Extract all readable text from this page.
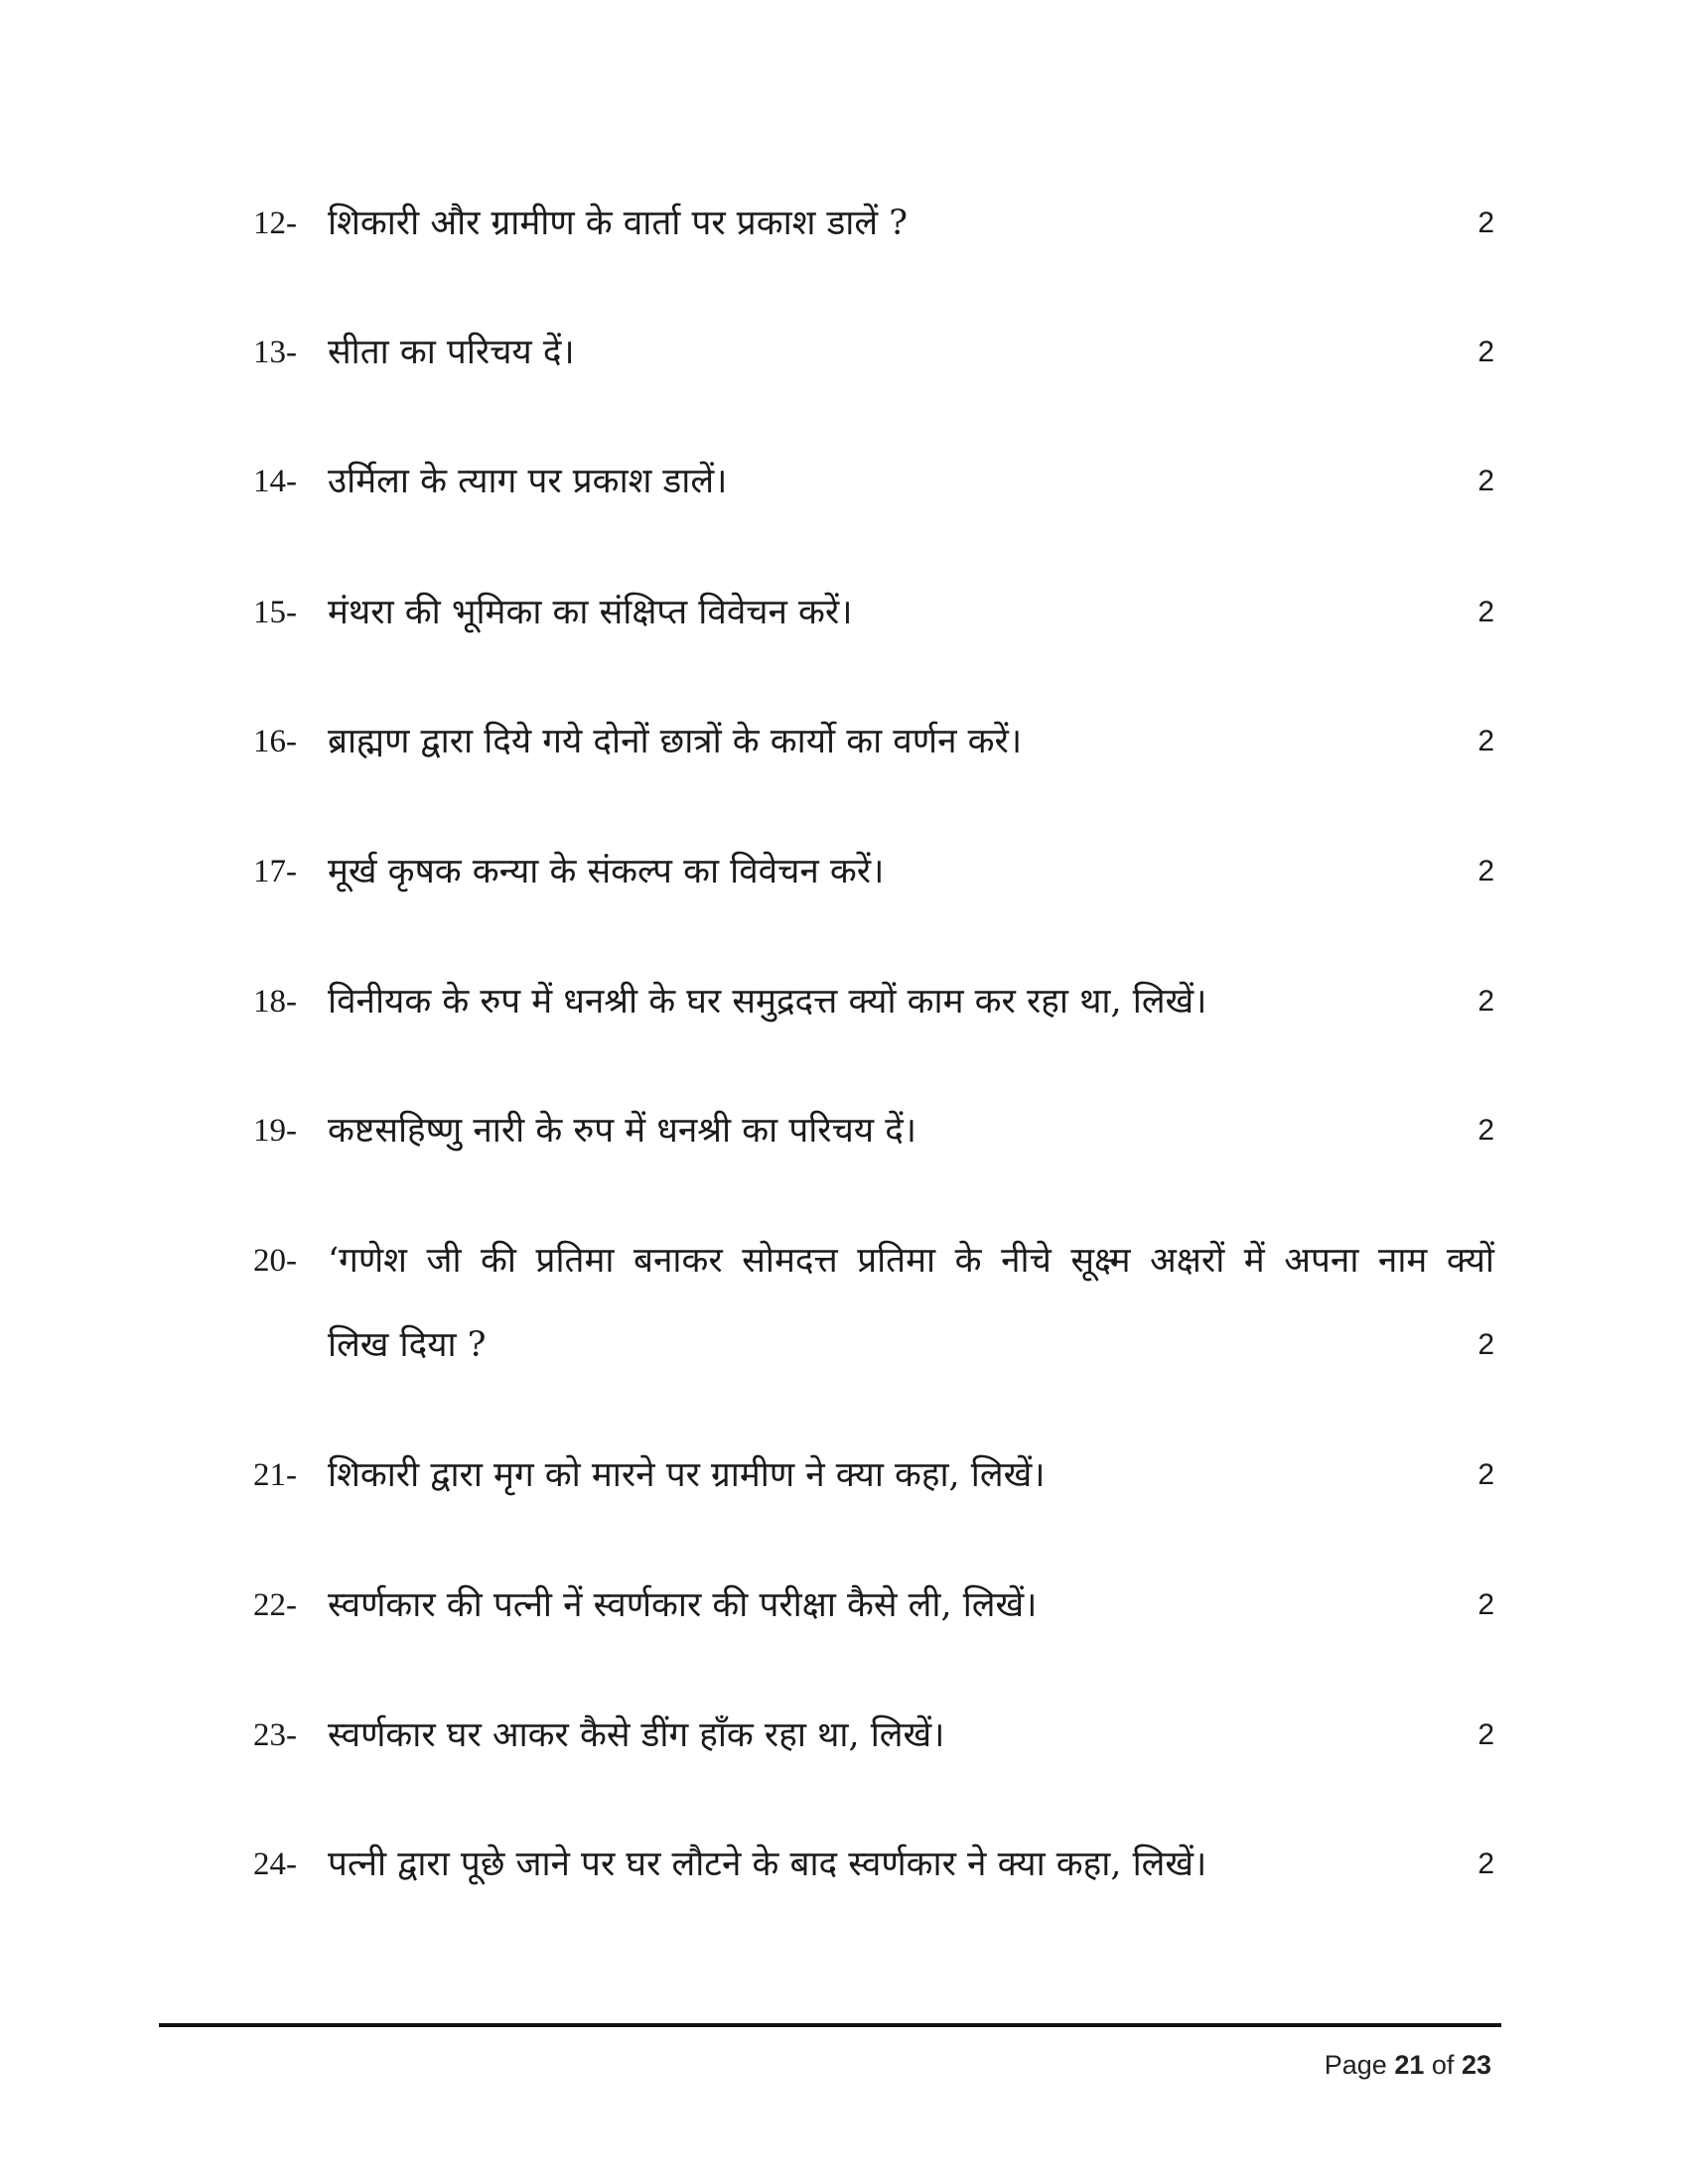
12- शिकारी और ग्रामीण के वार्ता पर प्रकाश डालें ?	2
13- सीता का परिचय दें।	2
14- उर्मिला के त्याग पर प्रकाश डालें।	2
15- मंथरा की भूमिका का संक्षिप्त विवेचन करें।	2
16- ब्राह्मण द्वारा दिये गये दोनों छात्रों के कार्यो का वर्णन करें।	2
17- मूर्ख कृषक कन्या के संकल्प का विवेचन करें।	2
18- विनीयक के रुप में धनश्री के घर समुद्रदत्त क्यों काम कर रहा था, लिखें।	2
19- कष्टसहिष्णु नारी के रुप में धनश्री का परिचय दें।	2
20- ‘गणेश जी की प्रतिमा बनाकर सोमदत्त प्रतिमा के नीचे सूक्ष्म अक्षरों में अपना नाम क्यों
लिख दिया ?	2
21- शिकारी द्वारा मृग को मारने पर ग्रामीण ने क्या कहा, लिखें।	2
22- स्वर्णकार की पत्नी नें स्वर्णकार की परीक्षा कैसे ली, लिखें।	2
23- स्वर्णकार घर आकर कैसे डींग हाँक रहा था, लिखें।	2
24- पत्नी द्वारा पूछे जाने पर घर लौटने के बाद स्वर्णकार ने क्या कहा, लिखें।	2
Page 21 of 23
